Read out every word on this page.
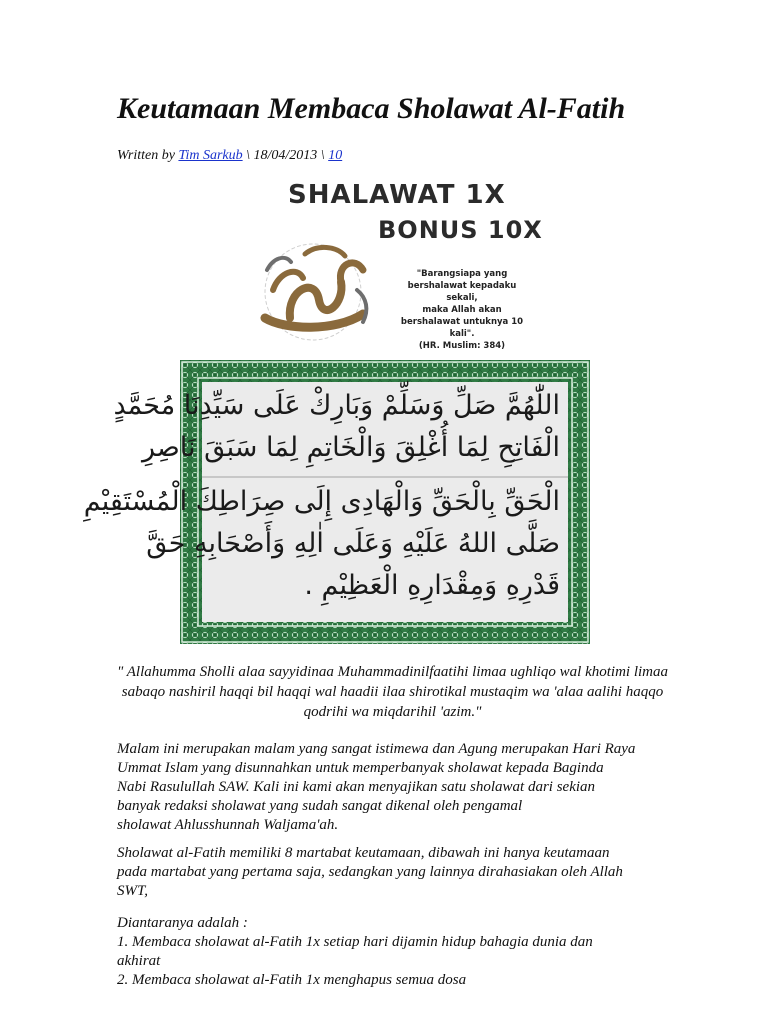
Keutamaan Membaca Sholawat Al-Fatih
Written by Tim Sarkub \ 18/04/2013 \ 10
SHALAWAT 1X
BONUS 10X
"Barangsiapa yang
bershalawat kepadaku sekali,
maka Allah akan
bershalawat untuknya 10 kali".
(HR. Muslim: 384)
اللّٰهُمَّ صَلِّ وَسَلِّمْ وَبَارِكْ عَلَى سَيِّدِنَا مُحَمَّدٍ
الْفَاتِحِ لِمَا أُغْلِقَ وَالْخَاتِمِ لِمَا سَبَقَ نَاصِرِ
الْحَقِّ بِالْحَقِّ وَالْهَادِى إِلَى صِرَاطِكَ الْمُسْتَقِيْمِ
صَلَّى اللهُ عَلَيْهِ وَعَلَى اٰلِهِ وَأَصْحَابِهِ حَقَّ
قَدْرِهِ وَمِقْدَارِهِ الْعَظِيْمِ .
" Allahumma Sholli alaa sayyidinaa Muhammadinilfaatihi limaa ughliqo wal khotimi limaa sabaqo nashiril haqqi bil haqqi wal haadii ilaa shirotikal mustaqim wa 'alaa aalihi haqqo qodrihi wa miqdarihil 'azim."
Malam ini merupakan malam yang sangat istimewa dan Agung merupakan Hari Raya
Ummat Islam yang disunnahkan untuk memperbanyak sholawat kepada Baginda
Nabi Rasulullah SAW. Kali ini kami akan menyajikan satu sholawat dari sekian
banyak redaksi sholawat yang sudah sangat dikenal oleh pengamal
sholawat Ahlusshunnah Waljama'ah.
Sholawat al-Fatih memiliki 8 martabat keutamaan, dibawah ini hanya keutamaan
pada martabat yang pertama saja, sedangkan yang lainnya dirahasiakan oleh Allah
SWT,
Diantaranya adalah :
1. Membaca sholawat al-Fatih 1x setiap hari dijamin hidup bahagia dunia dan
akhirat
2. Membaca sholawat al-Fatih 1x menghapus semua dosa
